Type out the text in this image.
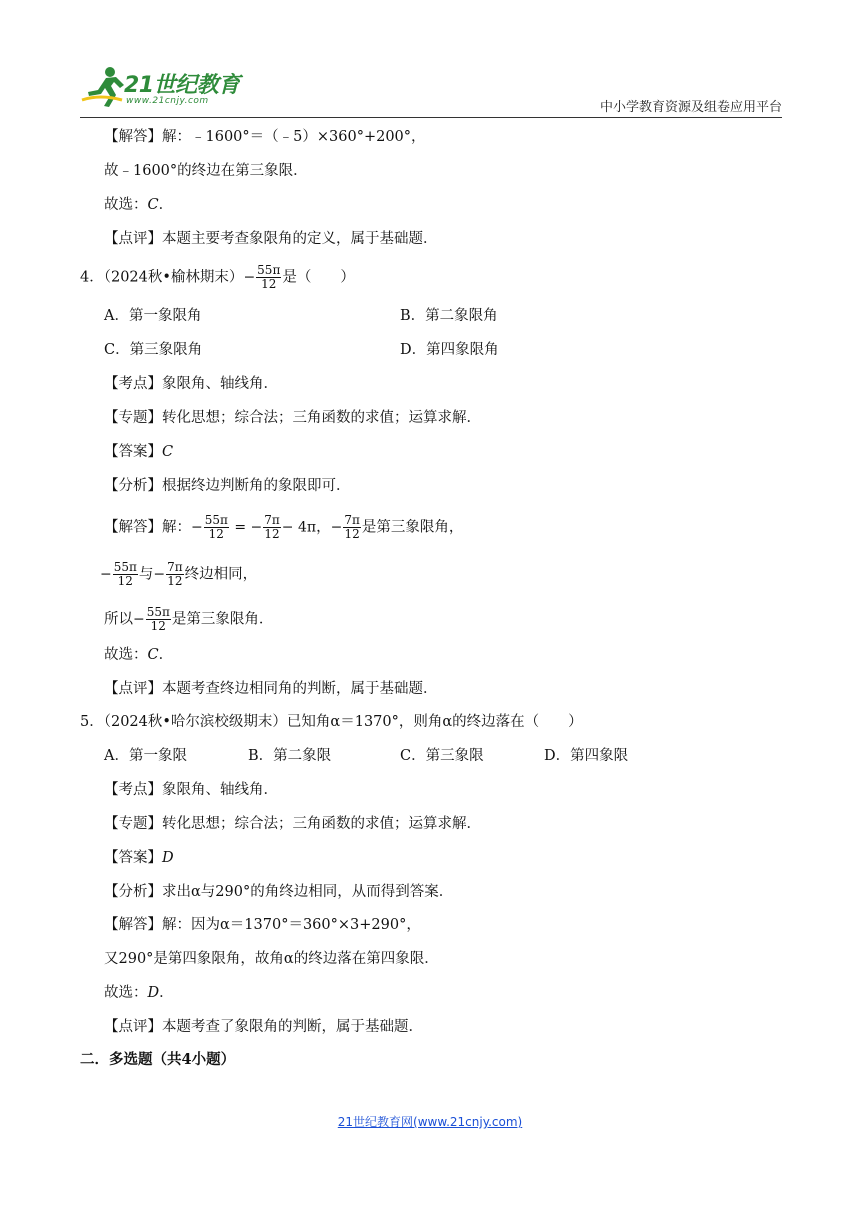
21世纪教育
www.21cnjy.com	中小学教育资源及组卷应用平台
【解答】解：﹣1600°＝（﹣5）×360°+200°，
故﹣1600°的终边在第三象限．
故选：C．
【点评】本题主要考查象限角的定义，属于基础题．
4．（2024秋•榆林期末）− $\frac{55\pi}{12}$ 是（　　）
A．第一象限角	B．第二象限角
C．第三象限角	D．第四象限角
【考点】象限角、轴线角．
【专题】转化思想；综合法；三角函数的求值；运算求解．
【答案】C
【分析】根据终边判断角的象限即可．
【解答】解：− $\frac{55\pi}{12}$ = − $\frac{7\pi}{12} - 4\pi$，− $\frac{7\pi}{12}$ 是第三象限角，
− $\frac{55\pi}{12}$ 与− $\frac{7\pi}{12}$ 终边相同，
所以− $\frac{55\pi}{12}$ 是第三象限角．
故选：C．
【点评】本题考查终边相同角的判断，属于基础题．
5．（2024秋•哈尔滨校级期末）已知角α＝1370°，则角α的终边落在（　　）
A．第一象限	B．第二象限	C．第三象限	D．第四象限
【考点】象限角、轴线角．
【专题】转化思想；综合法；三角函数的求值；运算求解．
【答案】D
【分析】求出α与290°的角终边相同，从而得到答案．
【解答】解：因为α＝1370°＝360°×3+290°，
又290°是第四象限角，故角α的终边落在第四象限．
故选：D．
【点评】本题考查了象限角的判断，属于基础题．
二．多选题（共4小题）
21世纪教育网(www.21cnjy.com)
